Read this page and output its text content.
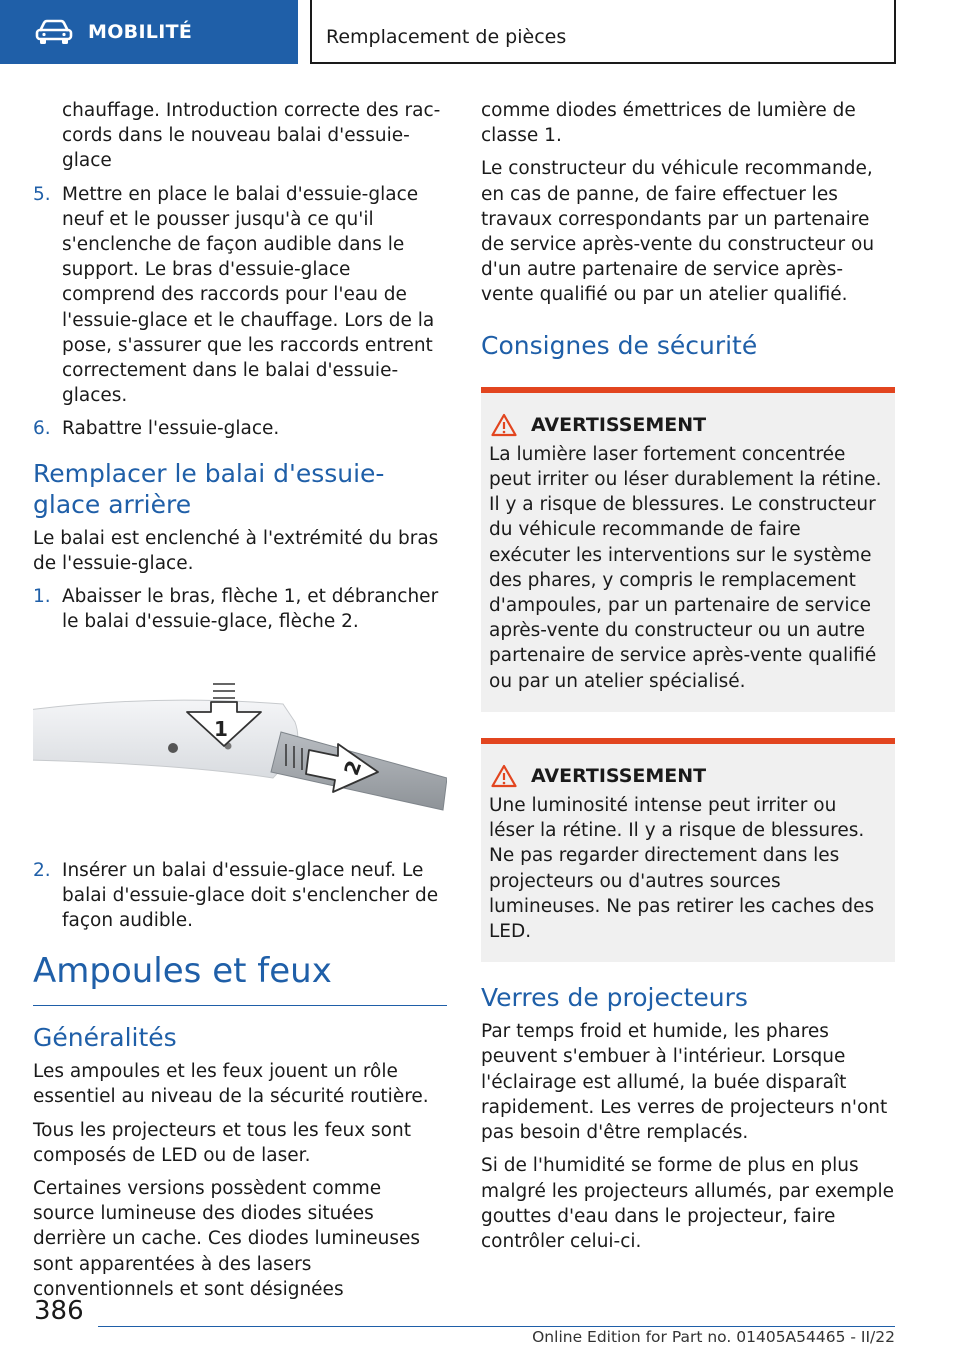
MOBILITÉ	Remplacement de pièces
chauffage. Introduction correcte des raccords dans le nouveau balai d'essuie-glace
5. Mettre en place le balai d'essuie-glace neuf et le pousser jusqu'à ce qu'il s'enclenche de façon audible dans le support. Le bras d'essuie-glace comprend des raccords pour l'eau de l'essuie-glace et le chauffage. Lors de la pose, s'assurer que les raccords entrent correctement dans le balai d'essuie-glaces.
6. Rabattre l'essuie-glace.
Remplacer le balai d'essuie-glace arrière

Le balai est enclenché à l'extrémité du bras de l'essuie-glace.

1. Abaisser le bras, flèche 1, et débrancher le balai d'essuie-glace, flèche 2.
1
2
2. Insérer un balai d'essuie-glace neuf. Le balai d'essuie-glace doit s'enclencher de façon audible.
Ampoules et feux
Généralités

Les ampoules et les feux jouent un rôle essentiel au niveau de la sécurité routière.

Tous les projecteurs et tous les feux sont composés de LED ou de laser.

Certaines versions possèdent comme source lumineuse des diodes situées derrière un cache. Ces diodes lumineuses sont apparentées à des lasers conventionnels et sont désignées

comme diodes émettrices de lumière de classe 1.

Le constructeur du véhicule recommande, en cas de panne, de faire effectuer les travaux correspondants par un partenaire de service après-vente du constructeur ou d'un autre partenaire de service après-vente qualifié ou par un atelier qualifié.

Consignes de sécurité
AVERTISSEMENT
La lumière laser fortement concentrée peut irriter ou léser durablement la rétine. Il y a risque de blessures. Le constructeur du véhicule recommande de faire exécuter les interventions sur le système des phares, y compris le remplacement d'ampoules, par un partenaire de service après-vente du constructeur ou un autre partenaire de service après-vente qualifié ou par un atelier spécialisé.
AVERTISSEMENT
Une luminosité intense peut irriter ou léser la rétine. Il y a risque de blessures. Ne pas regarder directement dans les projecteurs ou d'autres sources lumineuses. Ne pas retirer les caches des LED.
Verres de projecteurs

Par temps froid et humide, les phares peuvent s'embuer à l'intérieur. Lorsque l'éclairage est allumé, la buée disparaît rapidement. Les verres de projecteurs n'ont pas besoin d'être remplacés.

Si de l'humidité se forme de plus en plus malgré les projecteurs allumés, par exemple gouttes d'eau dans le projecteur, faire contrôler celui-ci.

386
Online Edition for Part no. 01405A54465 - II/22
